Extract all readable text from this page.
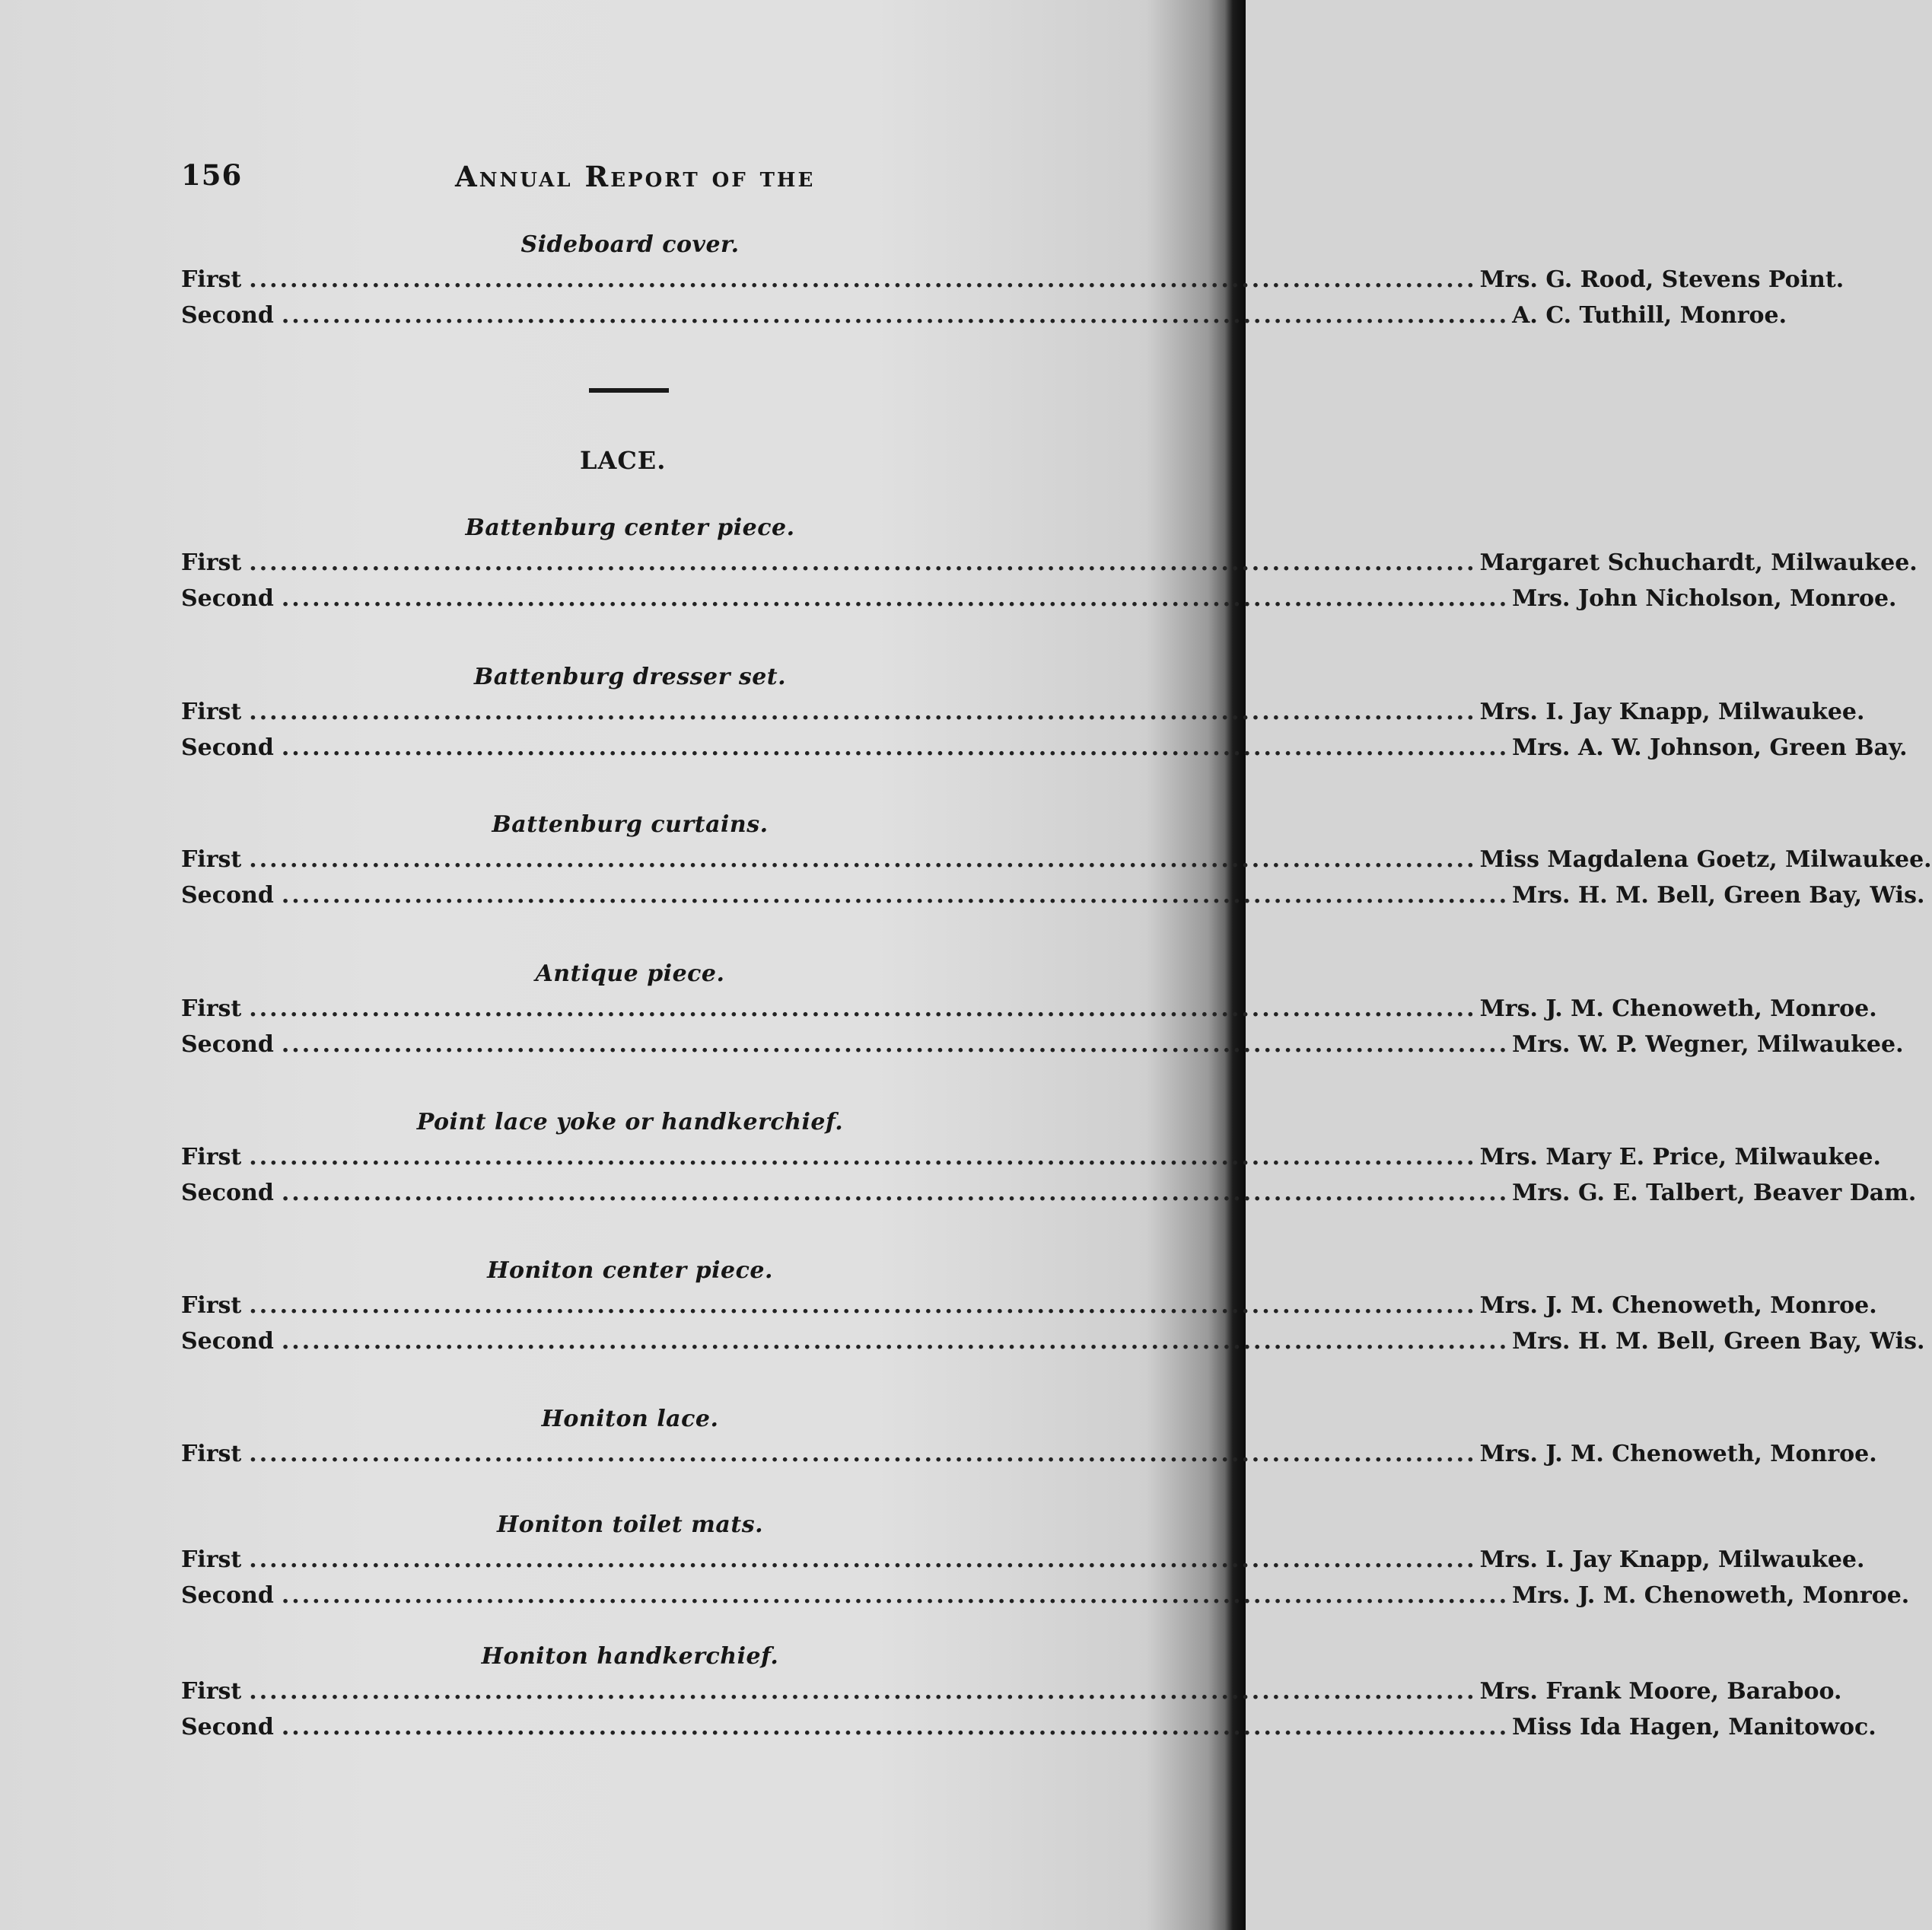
156	Annual Report of the
Sideboard cover.
First ........................................................................................................................ Mrs. G. Rood, Stevens Point.
Second ........................................................................................................................ A. C. Tuthill, Monroe.
LACE.
Battenburg center piece.
First ........................................................................................................................ Margaret Schuchardt, Milwaukee.
Second ........................................................................................................................ Mrs. John Nicholson, Monroe.
Battenburg dresser set.
First ........................................................................................................................ Mrs. I. Jay Knapp, Milwaukee.
Second ........................................................................................................................ Mrs. A. W. Johnson, Green Bay.
Battenburg curtains.
First ........................................................................................................................ Miss Magdalena Goetz, Milwaukee.
Second ........................................................................................................................ Mrs. H. M. Bell, Green Bay, Wis.
Antique piece.
First ........................................................................................................................ Mrs. J. M. Chenoweth, Monroe.
Second ........................................................................................................................ Mrs. W. P. Wegner, Milwaukee.
Point lace yoke or handkerchief.
First ........................................................................................................................ Mrs. Mary E. Price, Milwaukee.
Second ........................................................................................................................ Mrs. G. E. Talbert, Beaver Dam.
Honiton center piece.
First ........................................................................................................................ Mrs. J. M. Chenoweth, Monroe.
Second ........................................................................................................................ Mrs. H. M. Bell, Green Bay, Wis.
Honiton lace.
First ........................................................................................................................ Mrs. J. M. Chenoweth, Monroe.
Honiton toilet mats.
First ........................................................................................................................ Mrs. I. Jay Knapp, Milwaukee.
Second ........................................................................................................................ Mrs. J. M. Chenoweth, Monroe.
Honiton handkerchief.
First ........................................................................................................................ Mrs. Frank Moore, Baraboo.
Second ........................................................................................................................ Miss Ida Hagen, Manitowoc.
